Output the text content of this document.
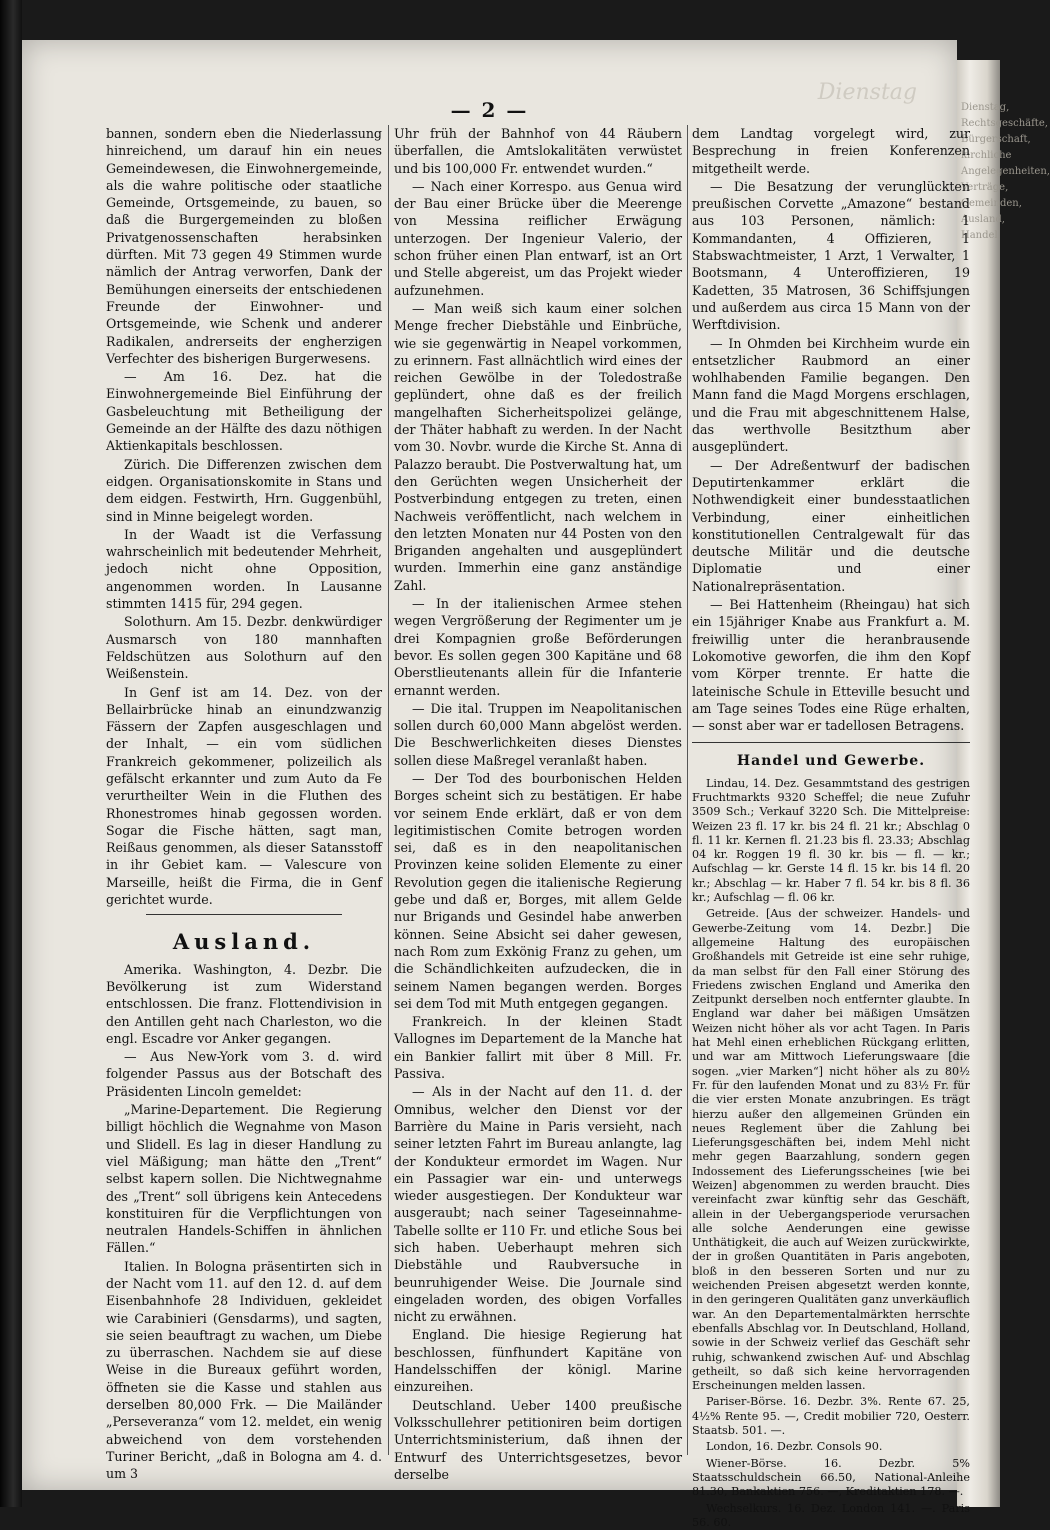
Dienstag, Rechtsgeschäfte, Bürgerschaft, kirchliche Angelegenheiten, Verträge, Gemeinden, Ausland, Handel
Dienstag
— 2 —

bannen, sondern eben die Niederlassung hinreichend, um darauf hin ein neues Gemeindewesen, die Einwohnergemeinde, als die wahre politische oder staatliche Gemeinde, Ortsgemeinde, zu bauen, so daß die Burgergemeinden zu bloßen Privatgenossenschaften herabsinken dürften. Mit 73 gegen 49 Stimmen wurde nämlich der Antrag verworfen, Dank der Bemühungen einerseits der entschiedenen Freunde der Einwohner- und Ortsgemeinde, wie Schenk und anderer Radikalen, andrerseits der engherzigen Verfechter des bisherigen Burgerwesens.

— Am 16. Dez. hat die Einwohnergemeinde Biel Einführung der Gasbeleuchtung mit Betheiligung der Gemeinde an der Hälfte des dazu nöthigen Aktienkapitals beschlossen.

Zürich. Die Differenzen zwischen dem eidgen. Organisationskomite in Stans und dem eidgen. Festwirth, Hrn. Guggenbühl, sind in Minne beigelegt worden.

In der Waadt ist die Verfassung wahrscheinlich mit bedeutender Mehrheit, jedoch nicht ohne Opposition, angenommen worden. In Lausanne stimmten 1415 für, 294 gegen.

Solothurn. Am 15. Dezbr. denkwürdiger Ausmarsch von 180 mannhaften Feldschützen aus Solothurn auf den Weißenstein.

In Genf ist am 14. Dez. von der Bellairbrücke hinab an einundzwanzig Fässern der Zapfen ausgeschlagen und der Inhalt, — ein vom südlichen Frankreich gekommener, polizeilich als gefälscht erkannter und zum Auto da Fe verurtheilter Wein in die Fluthen des Rhonestromes hinab gegossen worden. Sogar die Fische hätten, sagt man, Reißaus genommen, als dieser Satansstoff in ihr Gebiet kam. — Valescure von Marseille, heißt die Firma, die in Genf gerichtet wurde.

Ausland.

Amerika. Washington, 4. Dezbr. Die Bevölkerung ist zum Widerstand entschlossen. Die franz. Flottendivision in den Antillen geht nach Charleston, wo die engl. Escadre vor Anker gegangen.

— Aus New-York vom 3. d. wird folgender Passus aus der Botschaft des Präsidenten Lincoln gemeldet:

„Marine-Departement. Die Regierung billigt höchlich die Wegnahme von Mason und Slidell. Es lag in dieser Handlung zu viel Mäßigung; man hätte den „Trent“ selbst kapern sollen. Die Nichtwegnahme des „Trent“ soll übrigens kein Antecedens konstituiren für die Verpflichtungen von neutralen Handels-Schiffen in ähnlichen Fällen.“

Italien. In Bologna präsentirten sich in der Nacht vom 11. auf den 12. d. auf dem Eisenbahnhofe 28 Individuen, gekleidet wie Carabinieri (Gensdarms), und sagten, sie seien beauftragt zu wachen, um Diebe zu überraschen. Nachdem sie auf diese Weise in die Bureaux geführt worden, öffneten sie die Kasse und stahlen aus derselben 80,000 Frk. — Die Mailänder „Perseveranza“ vom 12. meldet, ein wenig abweichend von dem vorstehenden Turiner Bericht, „daß in Bologna am 4. d. um 3

Uhr früh der Bahnhof von 44 Räubern überfallen, die Amtslokalitäten verwüstet und bis 100,000 Fr. entwendet wurden.“

— Nach einer Korrespo. aus Genua wird der Bau einer Brücke über die Meerenge von Messina reiflicher Erwägung unterzogen. Der Ingenieur Valerio, der schon früher einen Plan entwarf, ist an Ort und Stelle abgereist, um das Projekt wieder aufzunehmen.

— Man weiß sich kaum einer solchen Menge frecher Diebstähle und Einbrüche, wie sie gegenwärtig in Neapel vorkommen, zu erinnern. Fast allnächtlich wird eines der reichen Gewölbe in der Toledostraße geplündert, ohne daß es der freilich mangelhaften Sicherheitspolizei gelänge, der Thäter habhaft zu werden. In der Nacht vom 30. Novbr. wurde die Kirche St. Anna di Palazzo beraubt. Die Postverwaltung hat, um den Gerüchten wegen Unsicherheit der Postverbindung entgegen zu treten, einen Nachweis veröffentlicht, nach welchem in den letzten Monaten nur 44 Posten von den Briganden angehalten und ausgeplündert wurden. Immerhin eine ganz anständige Zahl.

— In der italienischen Armee stehen wegen Vergrößerung der Regimenter um je drei Kompagnien große Beförderungen bevor. Es sollen gegen 300 Kapitäne und 68 Oberstlieutenants allein für die Infanterie ernannt werden.

— Die ital. Truppen im Neapolitanischen sollen durch 60,000 Mann abgelöst werden. Die Beschwerlichkeiten dieses Dienstes sollen diese Maßregel veranlaßt haben.

— Der Tod des bourbonischen Helden Borges scheint sich zu bestätigen. Er habe vor seinem Ende erklärt, daß er von dem legitimistischen Comite betrogen worden sei, daß es in den neapolitanischen Provinzen keine soliden Elemente zu einer Revolution gegen die italienische Regierung gebe und daß er, Borges, mit allem Gelde nur Brigands und Gesindel habe anwerben können. Seine Absicht sei daher gewesen, nach Rom zum Exkönig Franz zu gehen, um die Schändlichkeiten aufzudecken, die in seinem Namen begangen werden. Borges sei dem Tod mit Muth entgegen gegangen.

Frankreich. In der kleinen Stadt Vallognes im Departement de la Manche hat ein Bankier fallirt mit über 8 Mill. Fr. Passiva.

— Als in der Nacht auf den 11. d. der Omnibus, welcher den Dienst vor der Barrière du Maine in Paris versieht, nach seiner letzten Fahrt im Bureau anlangte, lag der Kondukteur ermordet im Wagen. Nur ein Passagier war ein- und unterwegs wieder ausgestiegen. Der Kondukteur war ausgeraubt; nach seiner Tageseinnahme-Tabelle sollte er 110 Fr. und etliche Sous bei sich haben. Ueberhaupt mehren sich Diebstähle und Raubversuche in beunruhigender Weise. Die Journale sind eingeladen worden, des obigen Vorfalles nicht zu erwähnen.

England. Die hiesige Regierung hat beschlossen, fünfhundert Kapitäne von Handelsschiffen der königl. Marine einzureihen.

Deutschland. Ueber 1400 preußische Volksschullehrer petitioniren beim dortigen Unterrichtsministerium, daß ihnen der Entwurf des Unterrichtsgesetzes, bevor derselbe

dem Landtag vorgelegt wird, zur Besprechung in freien Konferenzen mitgetheilt werde.

— Die Besatzung der verunglückten preußischen Corvette „Amazone“ bestand aus 103 Personen, nämlich: 1 Kommandanten, 4 Offizieren, 1 Stabswachtmeister, 1 Arzt, 1 Verwalter, 1 Bootsmann, 4 Unteroffizieren, 19 Kadetten, 35 Matrosen, 36 Schiffsjungen und außerdem aus circa 15 Mann von der Werftdivision.

— In Ohmden bei Kirchheim wurde ein entsetzlicher Raubmord an einer wohlhabenden Familie begangen. Den Mann fand die Magd Morgens erschlagen, und die Frau mit abgeschnittenem Halse, das werthvolle Besitzthum aber ausgeplündert.

— Der Adreßentwurf der badischen Deputirtenkammer erklärt die Nothwendigkeit einer bundesstaatlichen Verbindung, einer einheitlichen konstitutionellen Centralgewalt für das deutsche Militär und die deutsche Diplomatie und einer Nationalrepräsentation.

— Bei Hattenheim (Rheingau) hat sich ein 15jähriger Knabe aus Frankfurt a. M. freiwillig unter die heranbrausende Lokomotive geworfen, die ihm den Kopf vom Körper trennte. Er hatte die lateinische Schule in Etteville besucht und am Tage seines Todes eine Rüge erhalten, — sonst aber war er tadellosen Betragens.

Handel und Gewerbe.

Lindau, 14. Dez. Gesammtstand des gestrigen Fruchtmarkts 9320 Scheffel; die neue Zufuhr 3509 Sch.; Verkauf 3220 Sch. Die Mittelpreise: Weizen 23 fl. 17 kr. bis 24 fl. 21 kr.; Abschlag 0 fl. 11 kr. Kernen fl. 21.23 bis fl. 23.33; Abschlag 04 kr. Roggen 19 fl. 30 kr. bis — fl. — kr.; Aufschlag — kr. Gerste 14 fl. 15 kr. bis 14 fl. 20 kr.; Abschlag — kr. Haber 7 fl. 54 kr. bis 8 fl. 36 kr.; Aufschlag — fl. 06 kr.

Getreide. [Aus der schweizer. Handels- und Gewerbe-Zeitung vom 14. Dezbr.] Die allgemeine Haltung des europäischen Großhandels mit Getreide ist eine sehr ruhige, da man selbst für den Fall einer Störung des Friedens zwischen England und Amerika den Zeitpunkt derselben noch entfernter glaubte. In England war daher bei mäßigen Umsätzen Weizen nicht höher als vor acht Tagen. In Paris hat Mehl einen erheblichen Rückgang erlitten, und war am Mittwoch Lieferungswaare [die sogen. „vier Marken“] nicht höher als zu 80½ Fr. für den laufenden Monat und zu 83½ Fr. für die vier ersten Monate anzubringen. Es trägt hierzu außer den allgemeinen Gründen ein neues Reglement über die Zahlung bei Lieferungsgeschäften bei, indem Mehl nicht mehr gegen Baarzahlung, sondern gegen Indossement des Lieferungsscheines [wie bei Weizen] abgenommen zu werden braucht. Dies vereinfacht zwar künftig sehr das Geschäft, allein in der Uebergangsperiode verursachen alle solche Aenderungen eine gewisse Unthätigkeit, die auch auf Weizen zurückwirkte, der in großen Quantitäten in Paris angeboten, bloß in den besseren Sorten und nur zu weichenden Preisen abgesetzt werden konnte, in den geringeren Qualitäten ganz unverkäuflich war. An den Departementalmärkten herrschte ebenfalls Abschlag vor. In Deutschland, Holland, sowie in der Schweiz verlief das Geschäft sehr ruhig, schwankend zwischen Auf- und Abschlag getheilt, so daß sich keine hervorragenden Erscheinungen melden lassen.

Pariser-Börse. 16. Dezbr. 3%. Rente 67. 25, 4½% Rente 95. —, Credit mobilier 720, Oesterr. Staatsb. 501. —.

London, 16. Dezbr. Consols 90.

Wiener-Börse. 16. Dezbr. 5% Staatsschuldschein 66.50, National-Anleihe 81.30, Bankaktien 756. —, Kreditaktien 178. —.

Wechselkurs. 16. Dez. London 141. —. Paris 56. 60.
